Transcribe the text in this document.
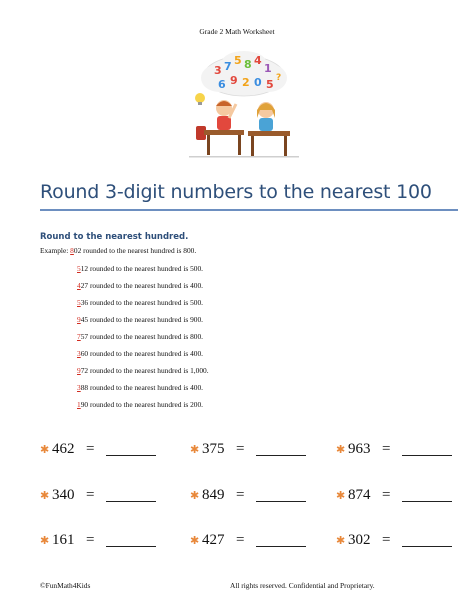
Grade 2 Math Worksheet
3 7 5 8 4
1
6 9 2 0 5 ?
Round 3-digit numbers to the nearest 100
Round to the nearest hundred.
Example: 802 rounded to the nearest hundred is 800.
512 rounded to the nearest hundred is 500.
427 rounded to the nearest hundred is 400.
536 rounded to the nearest hundred is 500.
945 rounded to the nearest hundred is 900.
757 rounded to the nearest hundred is 800.
360 rounded to the nearest hundred is 400.
972 rounded to the nearest hundred is 1,000.
388 rounded to the nearest hundred is 400.
190 rounded to the nearest hundred is 200.
✱ 462 =	✱ 375 =	✱ 963 =
✱ 340 =	✱ 849 =	✱ 874 =
✱ 161 =	✱ 427 =	✱ 302 =
©FunMath4Kids	All rights reserved. Confidential and Proprietary.
